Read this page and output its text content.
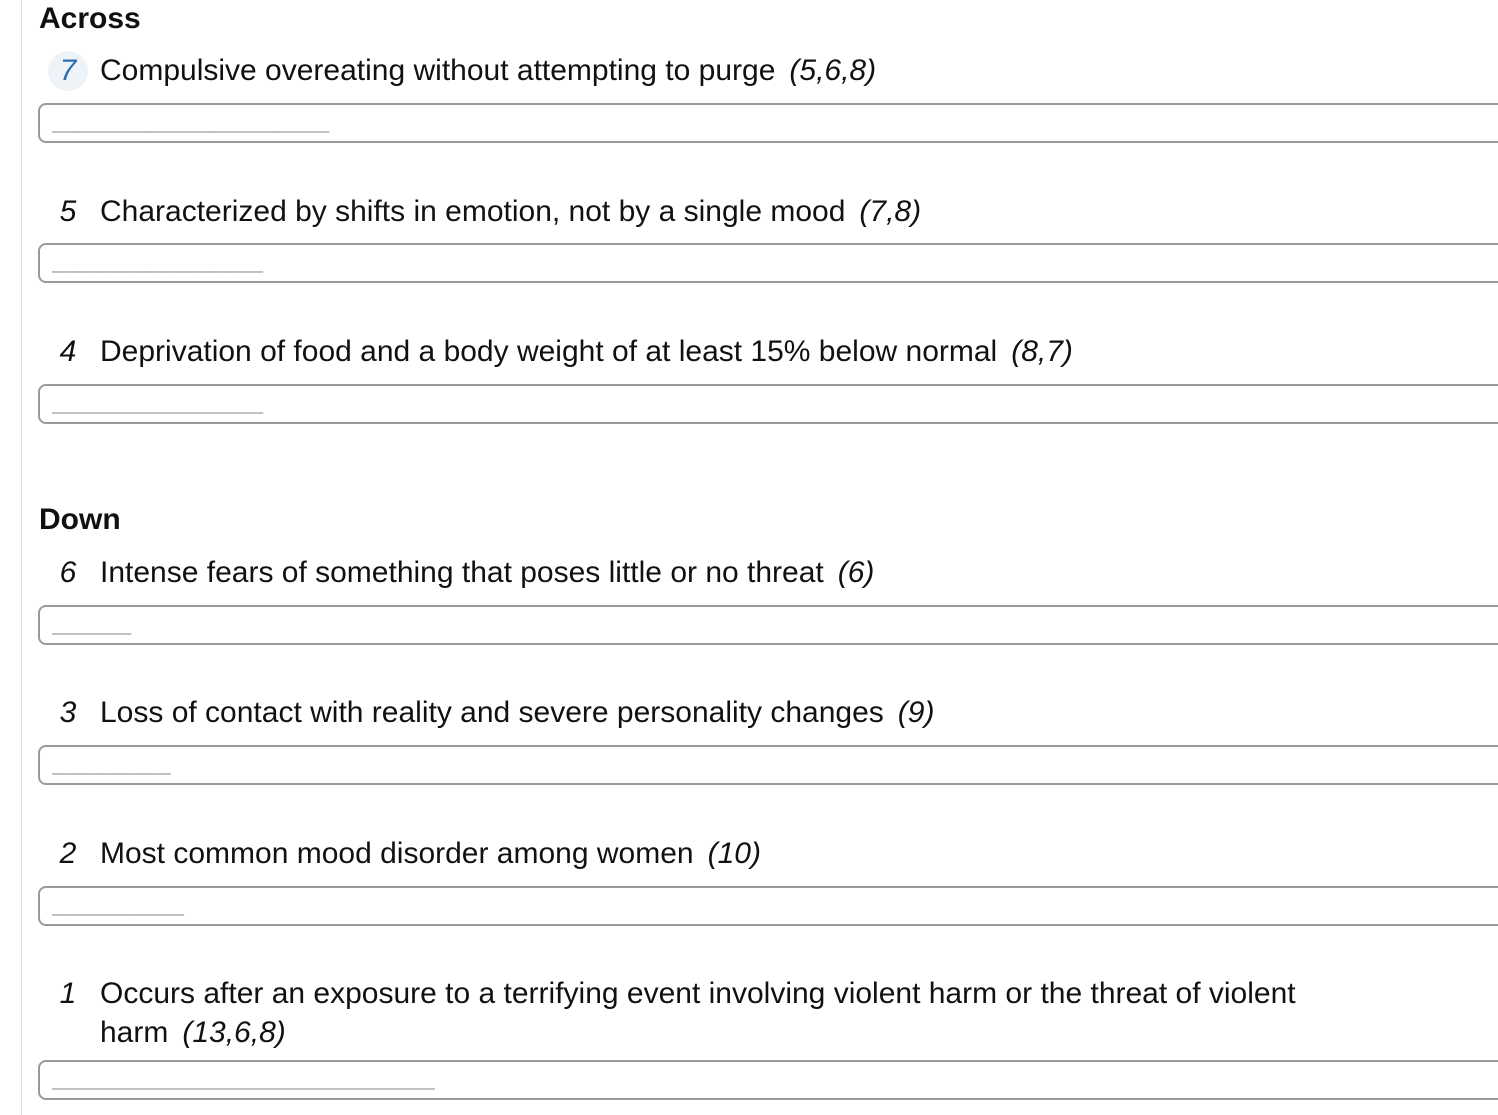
Across
7 Compulsive overeating without attempting to purge (5,6,8)
_____________________
5 Characterized by shifts in emotion, not by a single mood (7,8)
________________
4 Deprivation of food and a body weight of at least 15% below normal (8,7)
________________
Down
6 Intense fears of something that poses little or no threat (6)
______
3 Loss of contact with reality and severe personality changes (9)
_________
2 Most common mood disorder among women (10)
__________
1 Occurs after an exposure to a terrifying event involving violent harm or the threat of violent harm (13,6,8)
_____________________________
